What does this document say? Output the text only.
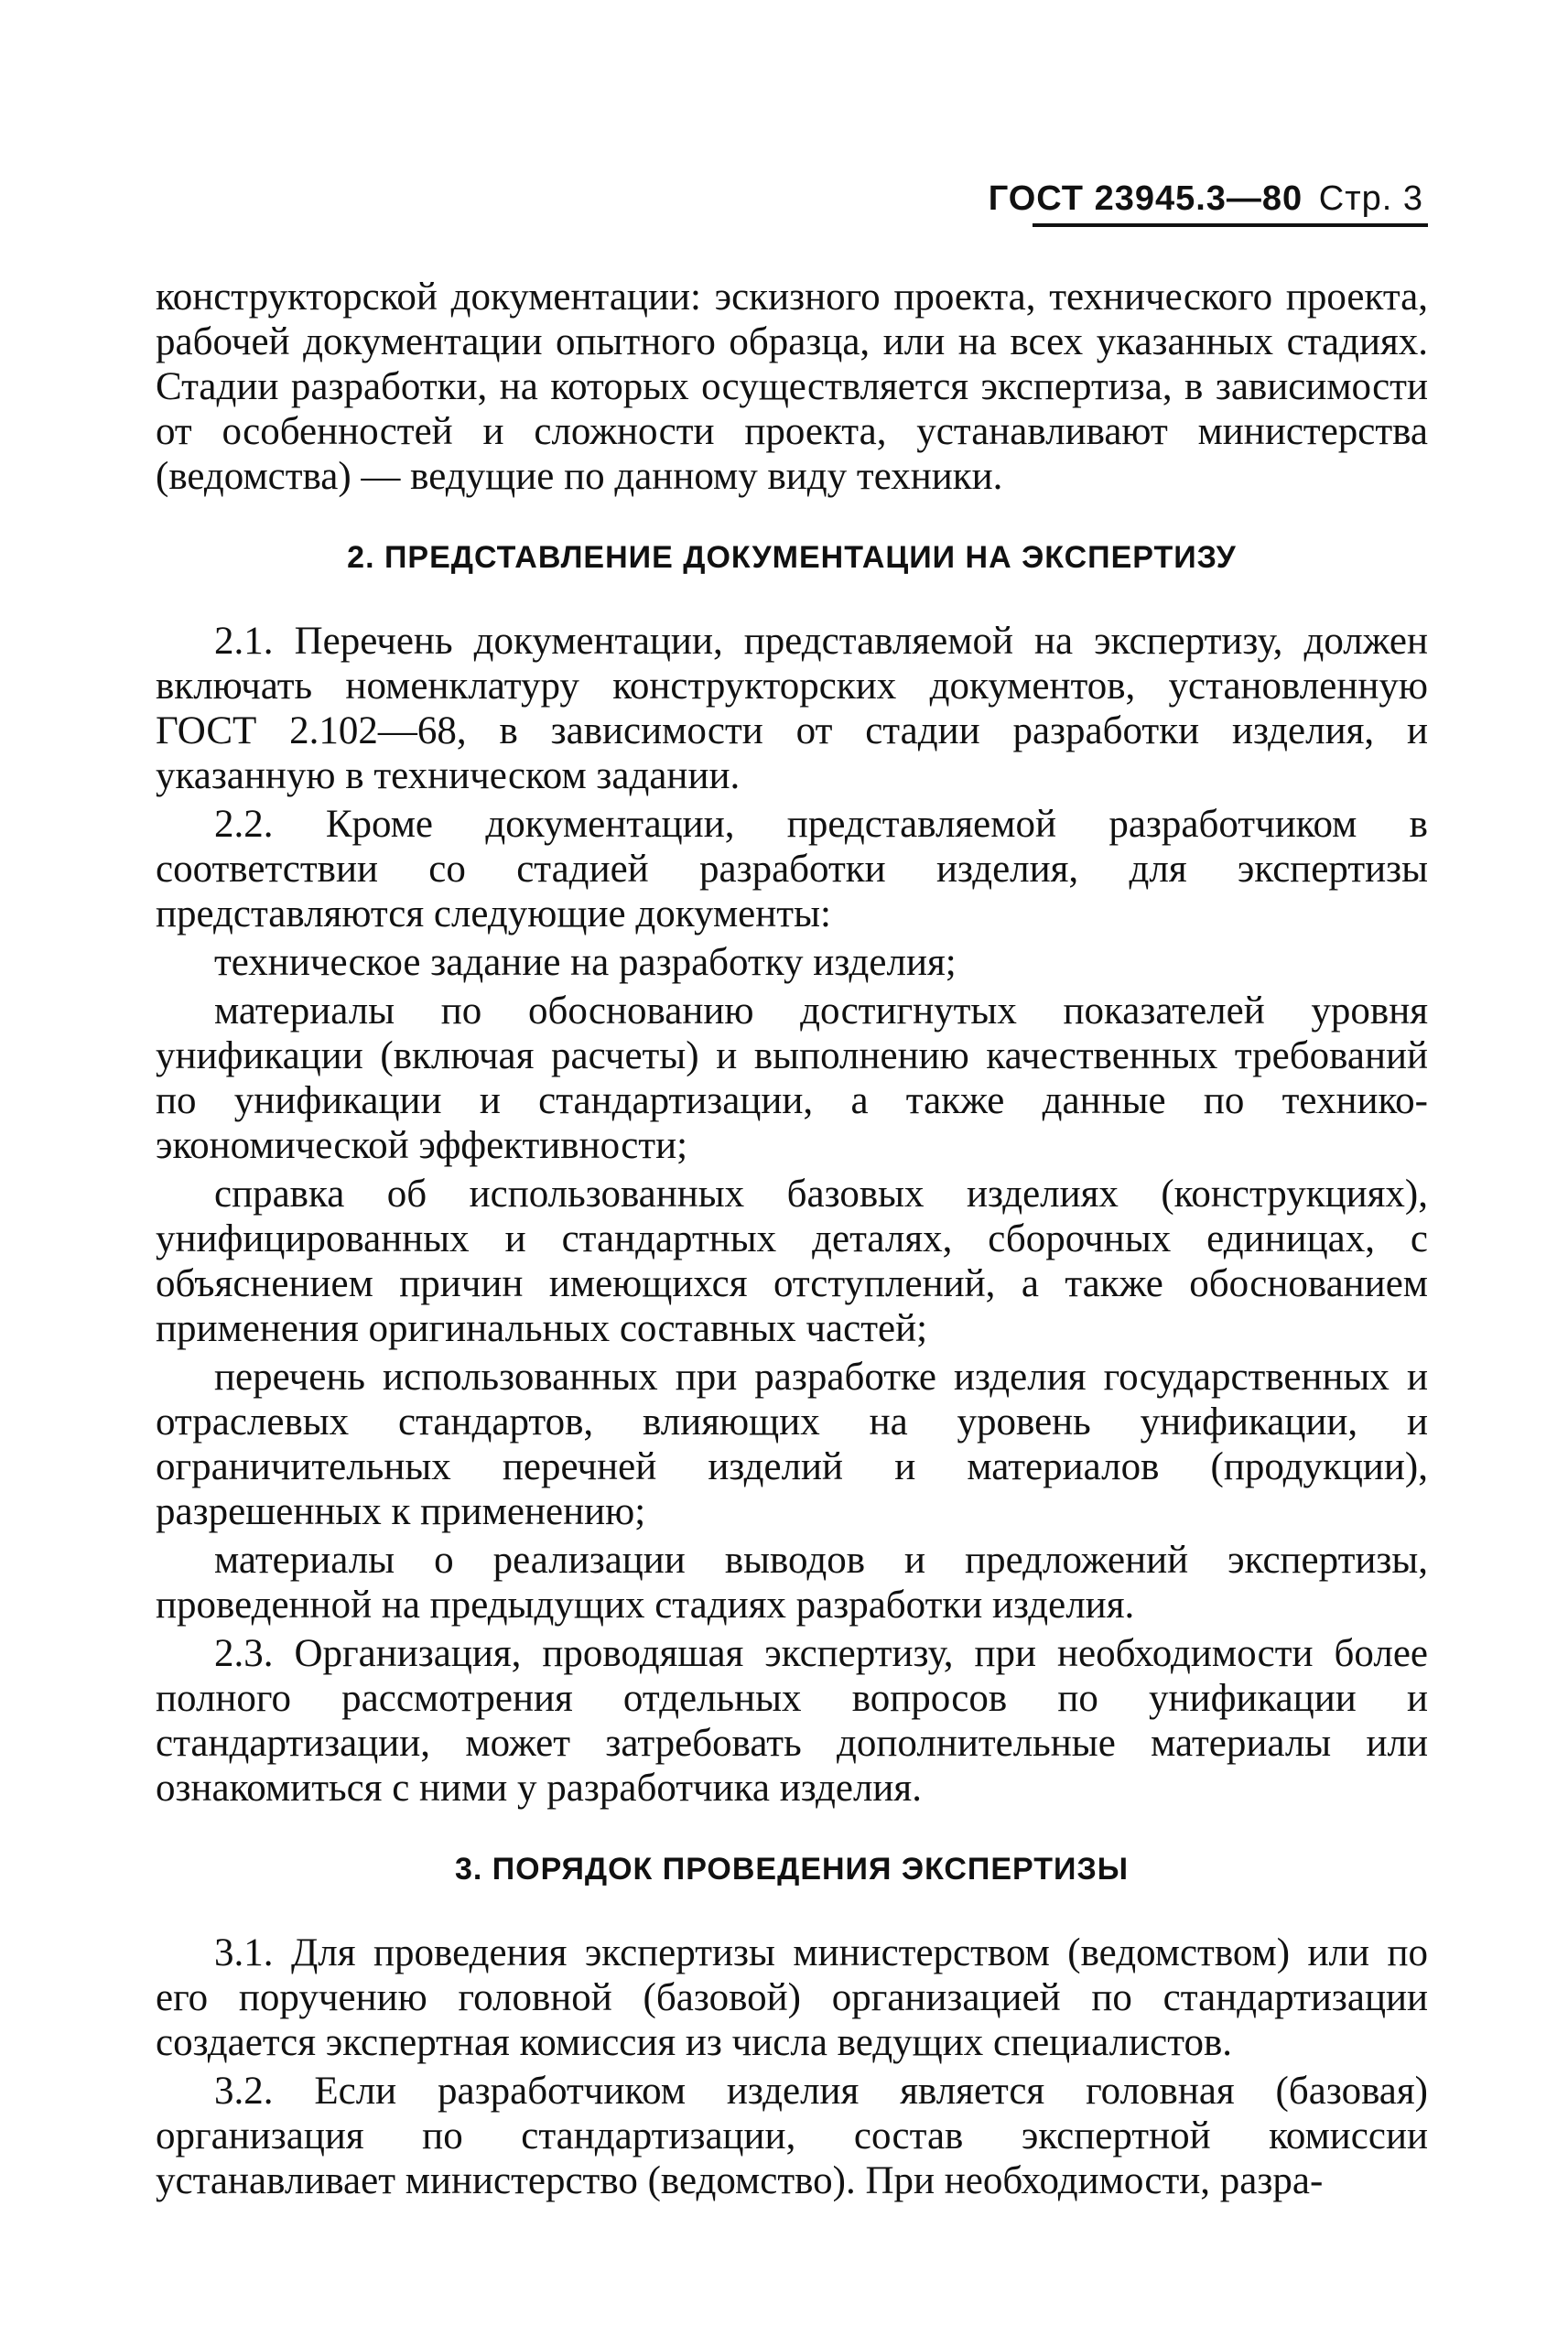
ГОСТ 23945.3—80 Стр. 3

конструкторской документации: эскизного проекта, технического проекта, рабочей документации опытного образца, или на всех указанных стадиях. Стадии разработки, на которых осуществляется экспертиза, в зависимости от особенностей и сложности проекта, устанавливают министерства (ведомства) — ведущие по данному виду техники.

2. ПРЕДСТАВЛЕНИЕ ДОКУМЕНТАЦИИ НА ЭКСПЕРТИЗУ

2.1. Перечень документации, представляемой на экспертизу, должен включать номенклатуру конструкторских документов, установленную ГОСТ 2.102—68, в зависимости от стадии разработки изделия, и указанную в техническом задании.

2.2. Кроме документации, представляемой разработчиком в соответствии со стадией разработки изделия, для экспертизы представляются следующие документы:

техническое задание на разработку изделия;

материалы по обоснованию достигнутых показателей уровня унификации (включая расчеты) и выполнению качественных требований по унификации и стандартизации, а также данные по технико-экономической эффективности;

справка об использованных базовых изделиях (конструкциях), унифицированных и стандартных деталях, сборочных единицах, с объяснением причин имеющихся отступлений, а также обоснованием применения оригинальных составных частей;

перечень использованных при разработке изделия государственных и отраслевых стандартов, влияющих на уровень унификации, и ограничительных перечней изделий и материалов (продукции), разрешенных к применению;

материалы о реализации выводов и предложений экспертизы, проведенной на предыдущих стадиях разработки изделия.

2.3. Организация, проводяшая экспертизу, при необходимости более полного рассмотрения отдельных вопросов по унификации и стандартизации, может затребовать дополнительные материалы или ознакомиться с ними у разработчика изделия.

3. ПОРЯДОК ПРОВЕДЕНИЯ ЭКСПЕРТИЗЫ

3.1. Для проведения экспертизы министерством (ведомством) или по его поручению головной (базовой) организацией по стандартизации создается экспертная комиссия из числа ведущих специалистов.

3.2. Если разработчиком изделия является головная (базовая) организация по стандартизации, состав экспертной комиссии устанавливает министерство (ведомство). При необходимости, разра-
